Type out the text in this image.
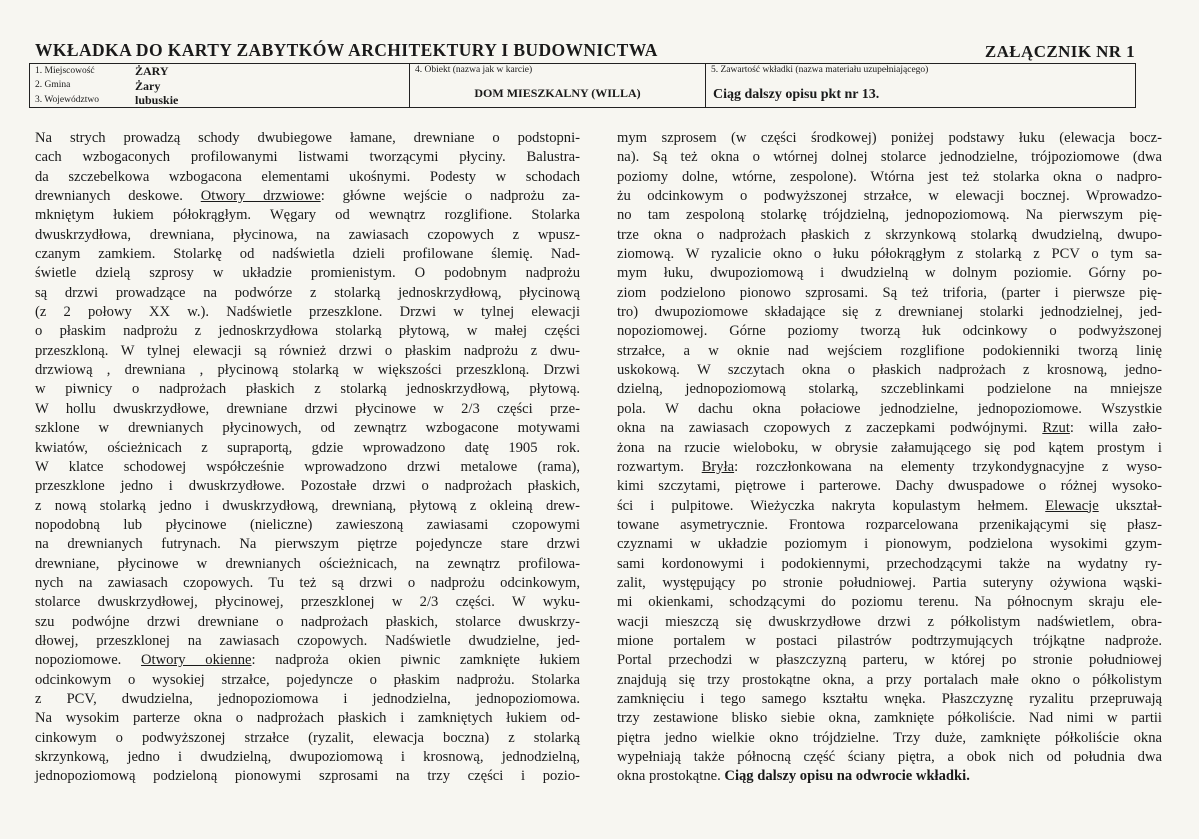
WKŁADKA DO KARTY ZABYTKÓW ARCHITEKTURY I BUDOWNICTWA	ZAŁĄCZNIK NR 1
1. Miejscowość	ŻARY
2. Gmina	Żary
3. Województwo	lubuskie
4. Obiekt (nazwa jak w karcie)
DOM MIESZKALNY (WILLA)
5. Zawartość wkładki (nazwa materiału uzupełniającego)
Ciąg dalszy opisu pkt nr 13.
Na strych prowadzą schody dwubiegowe łamane, drewniane o podstopni-
cach wzbogaconych profilowanymi listwami tworzącymi płyciny. Balustra-
da szczebelkowa wzbogacona elementami ukośnymi. Podesty w schodach
drewnianych deskowe. Otwory drzwiowe: główne wejście o nadprożu za-
mkniętym łukiem półokrągłym. Węgary od wewnątrz rozglifione. Stolarka
dwuskrzydłowa, drewniana, płycinowa, na zawiasach czopowych z wpusz-
czanym zamkiem. Stolarkę od nadświetla dzieli profilowane ślemię. Nad-
świetle dzielą szprosy w układzie promienistym. O podobnym nadprożu
są drzwi prowadzące na podwórze z stolarką jednoskrzydłową, płycinową
(z 2 połowy XX w.). Nadświetle przeszklone. Drzwi w tylnej elewacji
o płaskim nadprożu z jednoskrzydłowa stolarką płytową, w małej części
przeszkloną. W tylnej elewacji są również drzwi o płaskim nadprożu z dwu-
drzwiową , drewniana , płycinową stolarką w większości przeszkloną. Drzwi
w piwnicy o nadprożach płaskich z stolarką jednoskrzydłową, płytową.
W hollu dwuskrzydłowe, drewniane drzwi płycinowe w 2/3 części prze-
szklone w drewnianych płycinowych, od zewnątrz wzbogacone motywami
kwiatów, ościeżnicach z supraportą, gdzie wprowadzono datę 1905 rok.
W klatce schodowej współcześnie wprowadzono drzwi metalowe (rama),
przeszklone jedno i dwuskrzydłowe. Pozostałe drzwi o nadprożach płaskich,
z nową stolarką jedno i dwuskrzydłową, drewnianą, płytową z okleiną drew-
nopodobną lub płycinowe (nieliczne) zawieszoną zawiasami czopowymi
na drewnianych futrynach. Na pierwszym piętrze pojedyncze stare drzwi
drewniane, płycinowe w drewnianych ościeżnicach, na zewnątrz profilowa-
nych na zawiasach czopowych. Tu też są drzwi o nadprożu odcinkowym,
stolarce dwuskrzydłowej, płycinowej, przeszklonej w 2/3 części. W wyku-
szu podwójne drzwi drewniane o nadprożach płaskich, stolarce dwuskrzy-
dłowej, przeszklonej na zawiasach czopowych. Nadświetle dwudzielne, jed-
nopoziomowe. Otwory okienne: nadproża okien piwnic zamknięte łukiem
odcinkowym o wysokiej strzałce, pojedyncze o płaskim nadprożu. Stolarka
z PCV, dwudzielna, jednopoziomowa i jednodzielna, jednopoziomowa.
Na wysokim parterze okna o nadprożach płaskich i zamkniętych łukiem od-
cinkowym o podwyższonej strzałce (ryzalit, elewacja boczna) z stolarką
skrzynkową, jedno i dwudzielną, dwupoziomową i krosnową, jednodzielną,
jednopoziomową podzieloną pionowymi szprosami na trzy części i pozio-
mym szprosem (w części środkowej) poniżej podstawy łuku (elewacja bocz-
na). Są też okna o wtórnej dolnej stolarce jednodzielne, trójpoziomowe (dwa
poziomy dolne, wtórne, zespolone). Wtórna jest też stolarka okna o nadpro-
żu odcinkowym o podwyższonej strzałce, w elewacji bocznej. Wprowadzo-
no tam zespoloną stolarkę trójdzielną, jednopoziomową. Na pierwszym pię-
trze okna o nadprożach płaskich z skrzynkową stolarką dwudzielną, dwupo-
ziomową. W ryzalicie okno o łuku półokrągłym z stolarką z PCV o tym sa-
mym łuku, dwupoziomową i dwudzielną w dolnym poziomie. Górny po-
ziom podzielono pionowo szprosami. Są też triforia, (parter i pierwsze pię-
tro) dwupoziomowe składające się z drewnianej stolarki jednodzielnej, jed-
nopoziomowej. Górne poziomy tworzą łuk odcinkowy o podwyższonej
strzałce, a w oknie nad wejściem rozglifione podokienniki tworzą linię
uskokową. W szczytach okna o płaskich nadprożach z krosnową, jedno-
dzielną, jednopoziomową stolarką, szczeblinkami podzielone na mniejsze
pola. W dachu okna połaciowe jednodzielne, jednopoziomowe. Wszystkie
okna na zawiasach czopowych z zaczepkami podwójnymi. Rzut: willa zało-
żona na rzucie wieloboku, w obrysie załamującego się pod kątem prostym i
rozwartym. Bryła: rozczłonkowana na elementy trzykondygnacyjne z wyso-
kimi szczytami, piętrowe i parterowe. Dachy dwuspadowe o różnej wysoko-
ści i pulpitowe. Wieżyczka nakryta kopulastym hełmem. Elewacje ukształ-
towane asymetrycznie. Frontowa rozparcelowana przenikającymi się płasz-
czyznami w układzie poziomym i pionowym, podzielona wysokimi gzym-
sami kordonowymi i podokiennymi, przechodzącymi także na wydatny ry-
zalit, występujący po stronie południowej. Partia suteryny ożywiona wąski-
mi okienkami, schodzącymi do poziomu terenu. Na północnym skraju ele-
wacji mieszczą się dwuskrzydłowe drzwi z półkolistym nadświetlem, obra-
mione portalem w postaci pilastrów podtrzymujących trójkątne nadproże.
Portal przechodzi w płaszczyzną parteru, w której po stronie południowej
znajdują się trzy prostokątne okna, a przy portalach małe okno o półkolistym
zamknięciu i tego samego kształtu wnęka. Płaszczyznę ryzalitu przepruwają
trzy zestawione blisko siebie okna, zamknięte półkoliście. Nad nimi w partii
piętra jedno wielkie okno trójdzielne. Trzy duże, zamknięte półkoliście okna
wypełniają także północną część ściany piętra, a obok nich od południa dwa
okna prostokątne. Ciąg dalszy opisu na odwrocie wkładki.
